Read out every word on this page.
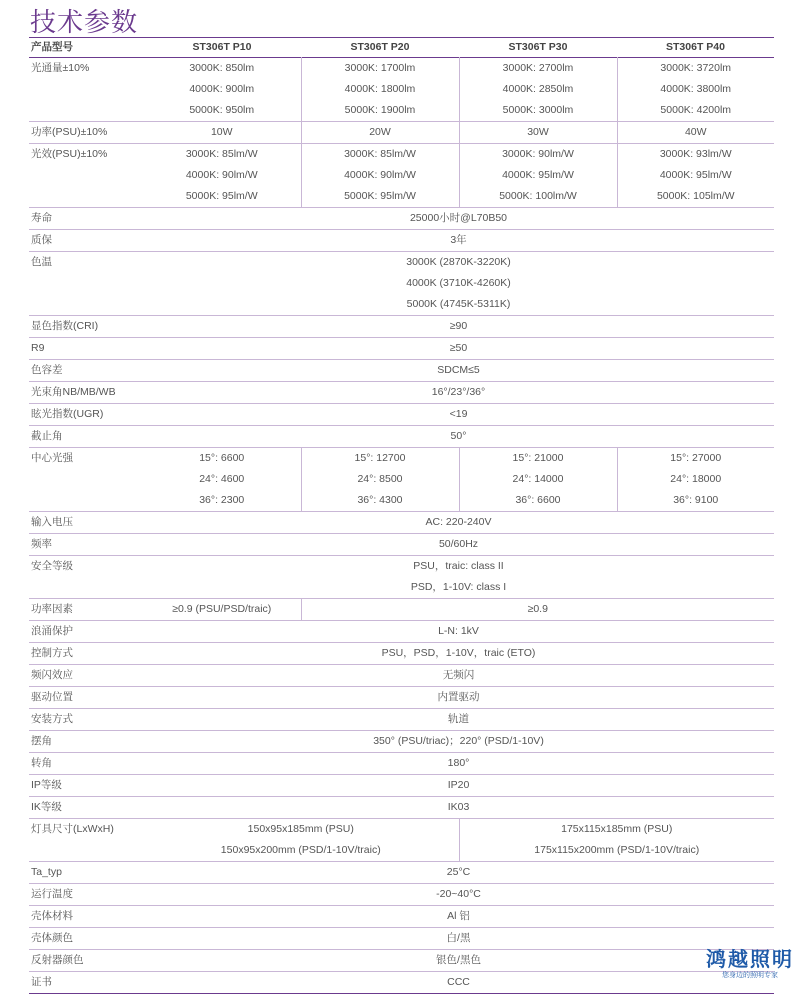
技术参数
产品型号	ST306T P10	ST306T P20	ST306T P30	ST306T P40
光通量±10%	3000K: 850lm	3000K: 1700lm	3000K: 2700lm	3000K: 3720lm
	4000K: 900lm	4000K: 1800lm	4000K: 2850lm	4000K: 3800lm
	5000K: 950lm	5000K: 1900lm	5000K: 3000lm	5000K: 4200lm
功率(PSU)±10%	10W	20W	30W	40W
光效(PSU)±10%	3000K: 85lm/W	3000K: 85lm/W	3000K: 90lm/W	3000K: 93lm/W
	4000K: 90lm/W	4000K: 90lm/W	4000K: 95lm/W	4000K: 95lm/W
	5000K: 95lm/W	5000K: 95lm/W	5000K: 100lm/W	5000K: 105lm/W
寿命	25000小时@L70B50			
质保	3年			
色温	3000K (2870K-3220K)			
	4000K (3710K-4260K)			
	5000K (4745K-5311K)			
显色指数(CRI)	≥90			
R9	≥50			
色容差	SDCM≤5			
光束角NB/MB/WB	16°/23°/36°			
眩光指数(UGR)	<19			
截止角	50°			
中心光强	15°: 6600	15°: 12700	15°: 21000	15°: 27000
	24°: 4600	24°: 8500	24°: 14000	24°: 18000
	36°: 2300	36°: 4300	36°: 6600	36°: 9100
输入电压	AC: 220-240V			
频率	50/60Hz			
安全等级	PSU，traic: class II			
	PSD，1-10V: class I			
功率因素	≥0.9 (PSU/PSD/traic)	≥0.9		
浪涌保护	L-N: 1kV			
控制方式	PSU，PSD，1-10V，traic (ETO)			
频闪效应	无频闪			
驱动位置	内置驱动			
安装方式	轨道			
摆角	350° (PSU/triac)；220° (PSD/1-10V)			
转角	180°			
IP等级	IP20			
IK等级	IK03			
灯具尺寸(LxWxH)	150x95x185mm (PSU)		175x115x185mm (PSU)	
	150x95x200mm (PSD/1-10V/traic)		175x115x200mm (PSD/1-10V/traic)	
Ta_typ	25°C			
运行温度	-20~40°C			
壳体材料	Al 铝			
壳体颜色	白/黑			
反射器颜色	银色/黑色			
证书	CCC			
鸿越照明
您身边的照明专家
